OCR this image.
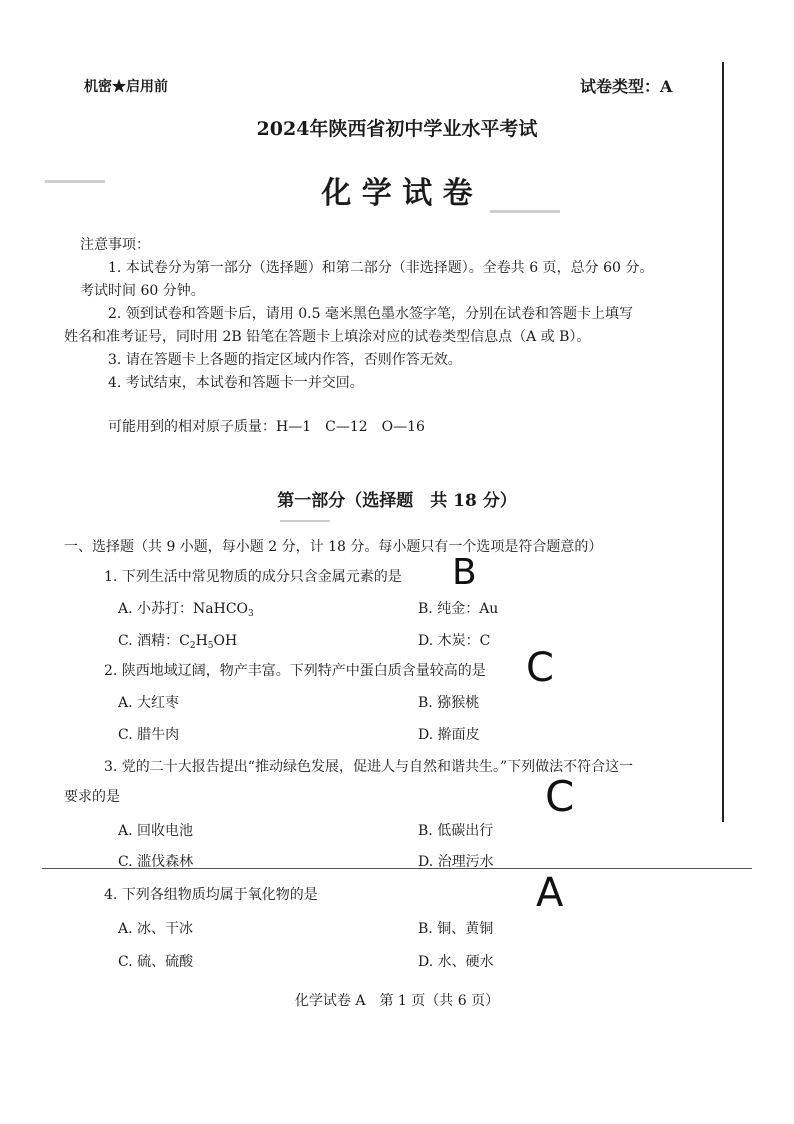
机密★启用前	试卷类型：A
2024年陕西省初中学业水平考试
化 学 试 卷
注意事项：
1. 本试卷分为第一部分（选择题）和第二部分（非选择题）。全卷共 6 页，总分 60 分。
考试时间 60 分钟。
2. 领到试卷和答题卡后，请用 0.5 毫米黑色墨水签字笔，分别在试卷和答题卡上填写
姓名和准考证号，同时用 2B 铅笔在答题卡上填涂对应的试卷类型信息点（A 或 B）。
3. 请在答题卡上各题的指定区域内作答，否则作答无效。
4. 考试结束，本试卷和答题卡一并交回。
可能用到的相对原子质量：H—1　C—12　O—16
第一部分（选择题　共 18 分）
一、选择题（共 9 小题，每小题 2 分，计 18 分。每小题只有一个选项是符合题意的）
1. 下列生活中常见物质的成分只含金属元素的是 B
A. 小苏打：NaHCO$_3$	B. 纯金：Au
C. 酒精：$C_2H_5OH$	D. 木炭：C
2. 陕西地域辽阔，物产丰富。下列特产中蛋白质含量较高的是 C
A. 大红枣	B. 猕猴桃
C. 腊牛肉	D. 擀面皮
3. 党的二十大报告提出“推动绿色发展，促进人与自然和谐共生。”下列做法不符合这一
要求的是	C
A. 回收电池	B. 低碳出行
C. 滥伐森林	D. 治理污水
4. 下列各组物质均属于氧化物的是	A
A. 冰、干冰	B. 铜、黄铜
C. 硫、硫酸	D. 水、硬水
化学试卷 A　第 1 页（共 6 页）
